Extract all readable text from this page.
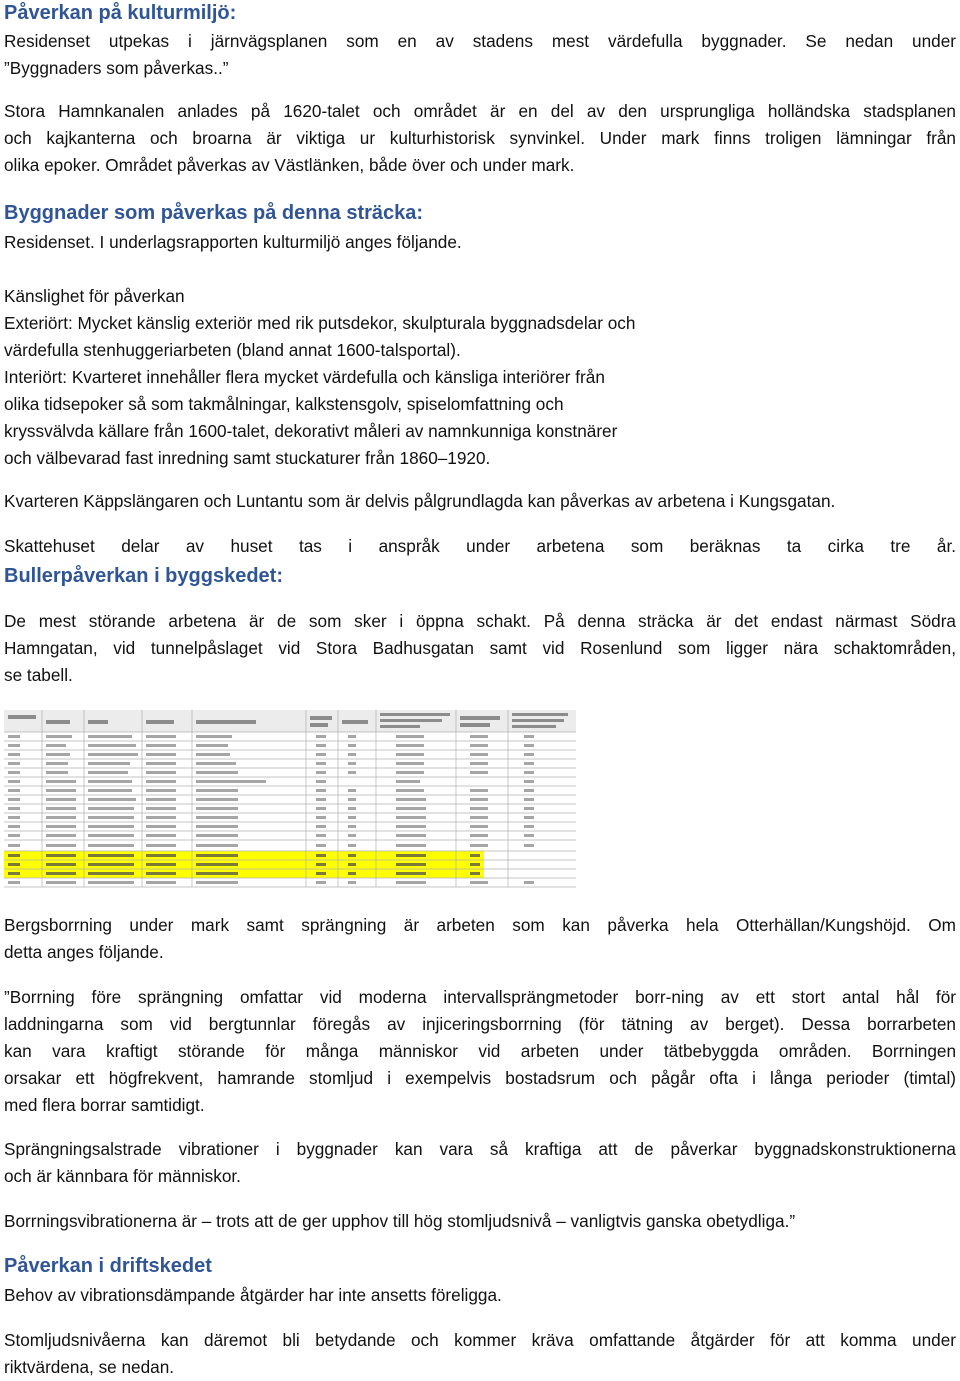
Påverkan på kulturmiljö:
Residenset utpekas i järnvägsplanen som en av stadens mest värdefulla byggnader. Se nedan under
”Byggnaders som påverkas..”
Stora Hamnkanalen anlades på 1620-talet och området är en del av den ursprungliga holländska stadsplanen
och kajkanterna och broarna är viktiga ur kulturhistorisk synvinkel. Under mark finns troligen lämningar från
olika epoker. Området påverkas av Västlänken, både över och under mark.
Byggnader som påverkas på denna sträcka:
Residenset. I underlagsrapporten kulturmiljö anges följande.
Känslighet för påverkan
Exteriört: Mycket känslig exteriör med rik putsdekor, skulpturala byggnadsdelar och
värdefulla stenhuggeriarbeten (bland annat 1600-talsportal).
Interiört: Kvarteret innehåller flera mycket värdefulla och känsliga interiörer från
olika tidsepoker så som takmålningar, kalkstensgolv, spiselomfattning och
kryssvälvda källare från 1600-talet, dekorativt måleri av namnkunniga konstnärer
och välbevarad fast inredning samt stuckaturer från 1860–1920.
Kvarteren Käppslängaren och Luntantu som är delvis pålgrundlagda kan påverkas av arbetena i Kungsgatan.
Skattehuset delar av huset tas i anspråk under arbetena som beräknas ta cirka tre år.
Bullerpåverkan i byggskedet:
De mest störande arbetena är de som sker i öppna schakt. På denna sträcka är det endast närmast Södra
Hamngatan, vid tunnelpåslaget vid Stora Badhusgatan samt vid Rosenlund som ligger nära schaktområden,
se tabell.
Bergsborrning under mark samt sprängning är arbeten som kan påverka hela Otterhällan/Kungshöjd. Om
detta anges följande.
”Borrning före sprängning omfattar vid moderna intervallsprängmetoder borr-ning av ett stort antal hål för
laddningarna som vid bergtunnlar föregås av injiceringsborrning (för tätning av berget). Dessa borrarbeten
kan vara kraftigt störande för många människor vid arbeten under tätbebyggda områden. Borrningen
orsakar ett högfrekvent, hamrande stomljud i exempelvis bostadsrum och pågår ofta i långa perioder (timtal)
med flera borrar samtidigt.
Sprängningsalstrade vibrationer i byggnader kan vara så kraftiga att de påverkar byggnadskonstruktionerna
och är kännbara för människor.
Borrningsvibrationerna är – trots att de ger upphov till hög stomljudsnivå – vanligtvis ganska obetydliga.”
Påverkan i driftskedet
Behov av vibrationsdämpande åtgärder har inte ansetts föreligga.
Stomljudsnivåerna kan däremot bli betydande och kommer kräva omfattande åtgärder för att komma under
riktvärdena, se nedan.
